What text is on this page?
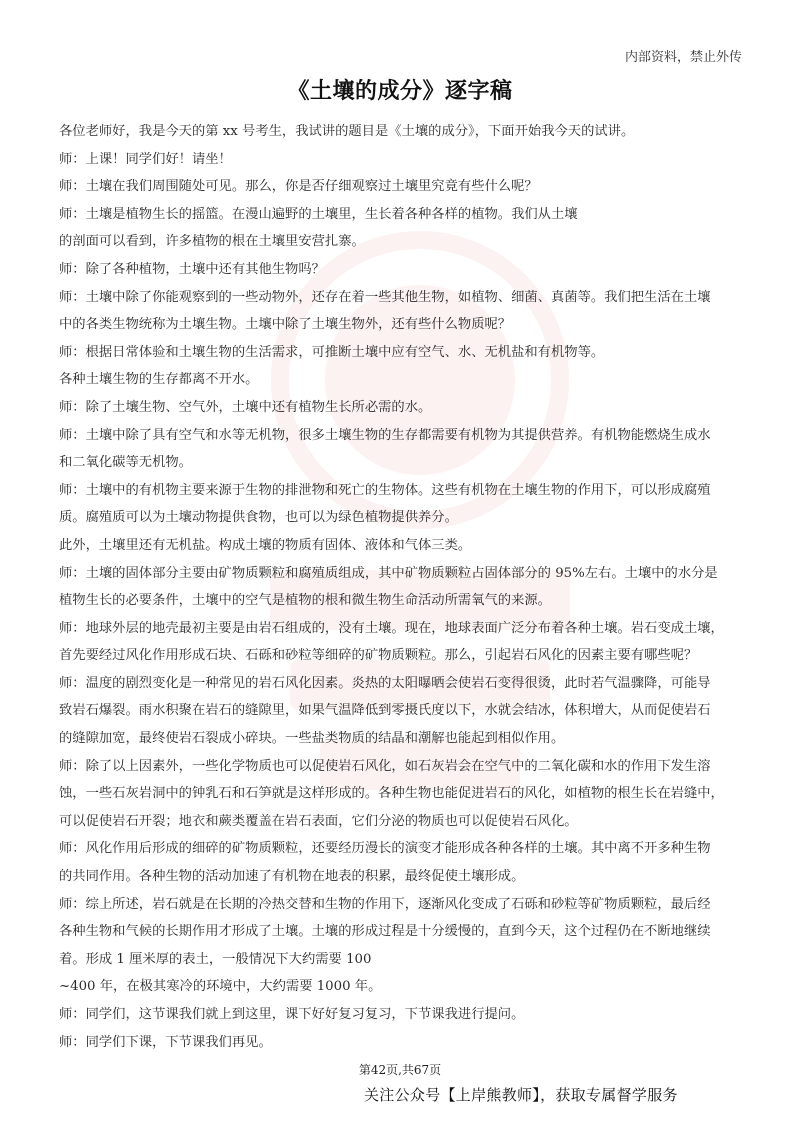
内部资料，禁止外传
《土壤的成分》逐字稿
各位老师好，我是今天的第 xx 号考生，我试讲的题目是《土壤的成分》，下面开始我今天的试讲。
师：上课！同学们好！请坐！
师：土壤在我们周围随处可见。那么，你是否仔细观察过土壤里究竟有些什么呢？
师：土壤是植物生长的摇篮。在漫山遍野的土壤里，生长着各种各样的植物。我们从土壤
的剖面可以看到，许多植物的根在土壤里安营扎寨。
师：除了各种植物，土壤中还有其他生物吗？
师：土壤中除了你能观察到的一些动物外，还存在着一些其他生物，如植物、细菌、真菌等。我们把生活在土壤
中的各类生物统称为土壤生物。土壤中除了土壤生物外，还有些什么物质呢？
师：根据日常体验和土壤生物的生活需求，可推断土壤中应有空气、水、无机盐和有机物等。
各种土壤生物的生存都离不开水。
师：除了土壤生物、空气外，土壤中还有植物生长所必需的水。
师：土壤中除了具有空气和水等无机物，很多土壤生物的生存都需要有机物为其提供营养。有机物能燃烧生成水
和二氧化碳等无机物。
师：土壤中的有机物主要来源于生物的排泄物和死亡的生物体。这些有机物在土壤生物的作用下，可以形成腐殖
质。腐殖质可以为土壤动物提供食物，也可以为绿色植物提供养分。
此外，土壤里还有无机盐。构成土壤的物质有固体、液体和气体三类。
师：土壤的固体部分主要由矿物质颗粒和腐殖质组成，其中矿物质颗粒占固体部分的 95%左右。土壤中的水分是
植物生长的必要条件，土壤中的空气是植物的根和微生物生命活动所需氧气的来源。
师：地球外层的地壳最初主要是由岩石组成的，没有土壤。现在，地球表面广泛分布着各种土壤。岩石变成土壤，
首先要经过风化作用形成石块、石砾和砂粒等细碎的矿物质颗粒。那么，引起岩石风化的因素主要有哪些呢？
师：温度的剧烈变化是一种常见的岩石风化因素。炎热的太阳曝晒会使岩石变得很烫，此时若气温骤降，可能导
致岩石爆裂。雨水积聚在岩石的缝隙里，如果气温降低到零摄氏度以下，水就会结冰，体积增大，从而促使岩石
的缝隙加宽，最终使岩石裂成小碎块。一些盐类物质的结晶和潮解也能起到相似作用。
师：除了以上因素外，一些化学物质也可以促使岩石风化，如石灰岩会在空气中的二氧化碳和水的作用下发生溶
蚀，一些石灰岩洞中的钟乳石和石笋就是这样形成的。各种生物也能促进岩石的风化，如植物的根生长在岩缝中，
可以促使岩石开裂；地衣和蕨类覆盖在岩石表面，它们分泌的物质也可以促使岩石风化。
师：风化作用后形成的细碎的矿物质颗粒，还要经历漫长的演变才能形成各种各样的土壤。其中离不开多种生物
的共同作用。各种生物的活动加速了有机物在地表的积累，最终促使土壤形成。
师：综上所述，岩石就是在长期的冷热交替和生物的作用下，逐渐风化变成了石砾和砂粒等矿物质颗粒，最后经
各种生物和气候的长期作用才形成了土壤。土壤的形成过程是十分缓慢的，直到今天，这个过程仍在不断地继续
着。形成 1 厘米厚的表土，一般情况下大约需要 100
~400 年，在极其寒冷的环境中，大约需要 1000 年。
师：同学们，这节课我们就上到这里，课下好好复习复习，下节课我进行提问。
师：同学们下课，下节课我们再见。
第42页,共67页
关注公众号【上岸熊教师】，获取专属督学服务
